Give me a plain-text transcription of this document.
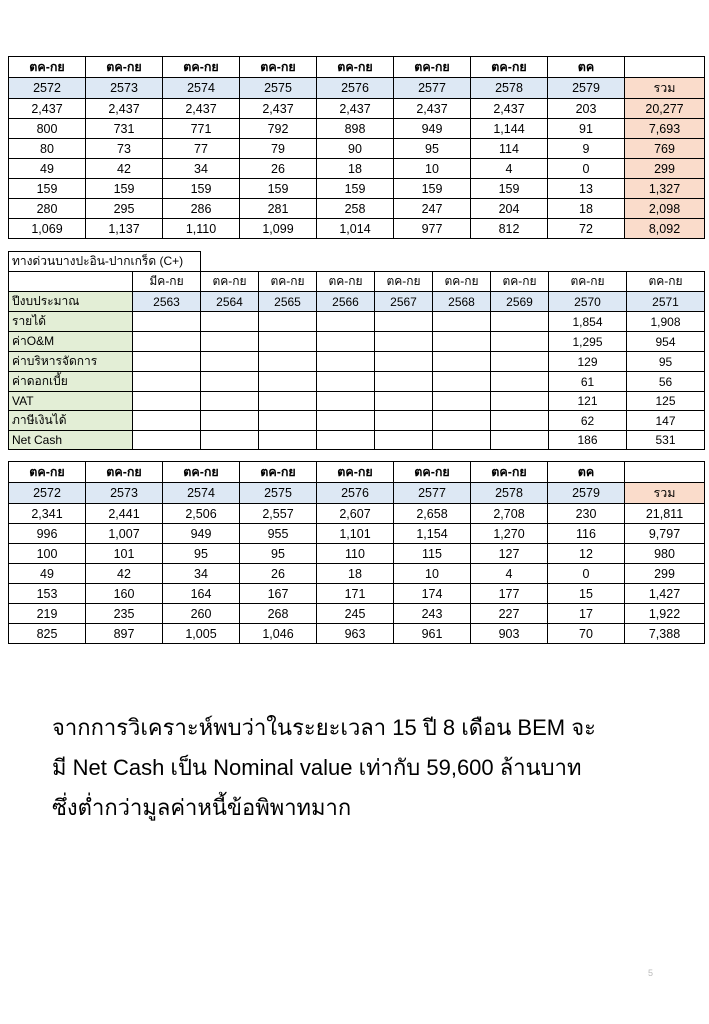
ตค-กย	ตค-กย	ตค-กย	ตค-กย	ตค-กย	ตค-กย	ตค-กย	ตค	
2572	2573	2574	2575	2576	2577	2578	2579	รวม
2,437	2,437	2,437	2,437	2,437	2,437	2,437	203	20,277
800	731	771	792	898	949	1,144	91	7,693
80	73	77	79	90	95	114	9	769
49	42	34	26	18	10	4	0	299
159	159	159	159	159	159	159	13	1,327
280	295	286	281	258	247	204	18	2,098
1,069	1,137	1,110	1,099	1,014	977	812	72	8,092
ทางด่วนบางปะอิน-ปากเกร็ด (C+)									
	มีค-กย	ตค-กย	ตค-กย	ตค-กย	ตค-กย	ตค-กย	ตค-กย	ตค-กย	ตค-กย
ปีงบประมาณ	2563	2564	2565	2566	2567	2568	2569	2570	2571
รายได้								1,854	1,908
ค่าO&M								1,295	954
ค่าบริหารจัดการ								129	95
ค่าดอกเบี้ย								61	56
VAT								121	125
ภาษีเงินได้								62	147
Net Cash								186	531
ตค-กย	ตค-กย	ตค-กย	ตค-กย	ตค-กย	ตค-กย	ตค-กย	ตค	
2572	2573	2574	2575	2576	2577	2578	2579	รวม
2,341	2,441	2,506	2,557	2,607	2,658	2,708	230	21,811
996	1,007	949	955	1,101	1,154	1,270	116	9,797
100	101	95	95	110	115	127	12	980
49	42	34	26	18	10	4	0	299
153	160	164	167	171	174	177	15	1,427
219	235	260	268	245	243	227	17	1,922
825	897	1,005	1,046	963	961	903	70	7,388
จากการวิเคราะห์พบว่าในระยะเวลา 15 ปี 8 เดือน BEM จะ
มี Net Cash เป็น Nominal value เท่ากับ 59,600 ล้านบาท
ซึ่งต่ำกว่ามูลค่าหนี้ข้อพิพาทมาก
5
